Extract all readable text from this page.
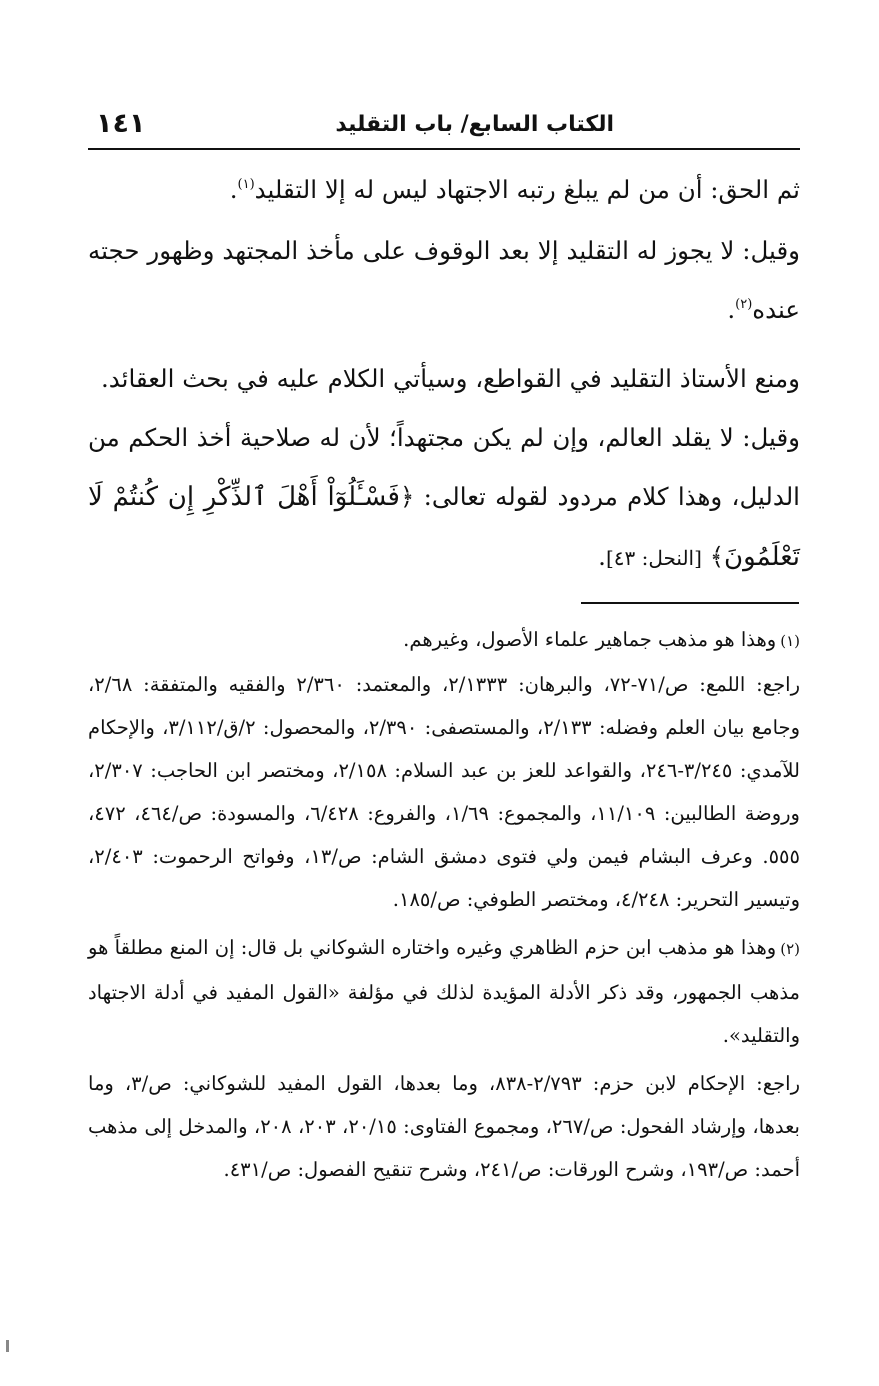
الكتاب السابع/ باب التقليد
١٤١

ثم الحق: أن من لم يبلغ رتبه الاجتهاد ليس له إلا التقليد$^{(١)}$.

وقيل: لا يجوز له التقليد إلا بعد الوقوف على مأخذ المجتهد وظهور حجته عنده$^{(٢)}$.

ومنع الأستاذ التقليد في القواطع، وسيأتي الكلام عليه في بحث العقائد.

وقيل: لا يقلد العالم، وإن لم يكن مجتهداً؛ لأن له صلاحية أخذ الحكم من الدليل، وهذا كلام مردود لقوله تعالى: ﴿فَسْـَٔلُوٓاْ أَهْلَ ٱلذِّكْرِ إِن كُنتُمْ لَا تَعْلَمُونَ﴾ [النحل: ٤٣].

(١)وهذا هو مذهب جماهير علماء الأصول، وغيرهم.

راجع: اللمع: ص/٧١-٧٢، والبرهان: ٢/١٣٣٣، والمعتمد: ٢/٣٦٠ والفقيه والمتفقة: ٢/٦٨، وجامع بيان العلم وفضله: ٢/١٣٣، والمستصفى: ٢/٣٩٠، والمحصول: ٢/ق/٣/١١٢، والإحكام للآمدي: ٣/٢٤٥-٢٤٦، والقواعد للعز بن عبد السلام: ٢/١٥٨، ومختصر ابن الحاجب: ٢/٣٠٧، وروضة الطالبين: ١١/١٠٩، والمجموع: ١/٦٩، والفروع: ٦/٤٢٨، والمسودة: ص/٤٦٤، ٤٧٢، ٥٥٥. وعرف البشام فيمن ولي فتوى دمشق الشام: ص/١٣، وفواتح الرحموت: ٢/٤٠٣، وتيسير التحرير: ٤/٢٤٨، ومختصر الطوفي: ص/١٨٥.

(٢)وهذا هو مذهب ابن حزم الظاهري وغيره واختاره الشوكاني بل قال: إن المنع مطلقاً هو مذهب الجمهور، وقد ذكر الأدلة المؤيدة لذلك في مؤلفة «القول المفيد في أدلة الاجتهاد والتقليد».

راجع: الإحكام لابن حزم: ٢/٧٩٣-٨٣٨، وما بعدها، القول المفيد للشوكاني: ص/٣، وما بعدها، وإرشاد الفحول: ص/٢٦٧، ومجموع الفتاوى: ٢٠/١٥، ٢٠٣، ٢٠٨، والمدخل إلى مذهب أحمد: ص/١٩٣، وشرح الورقات: ص/٢٤١، وشرح تنقيح الفصول: ص/٤٣١.
